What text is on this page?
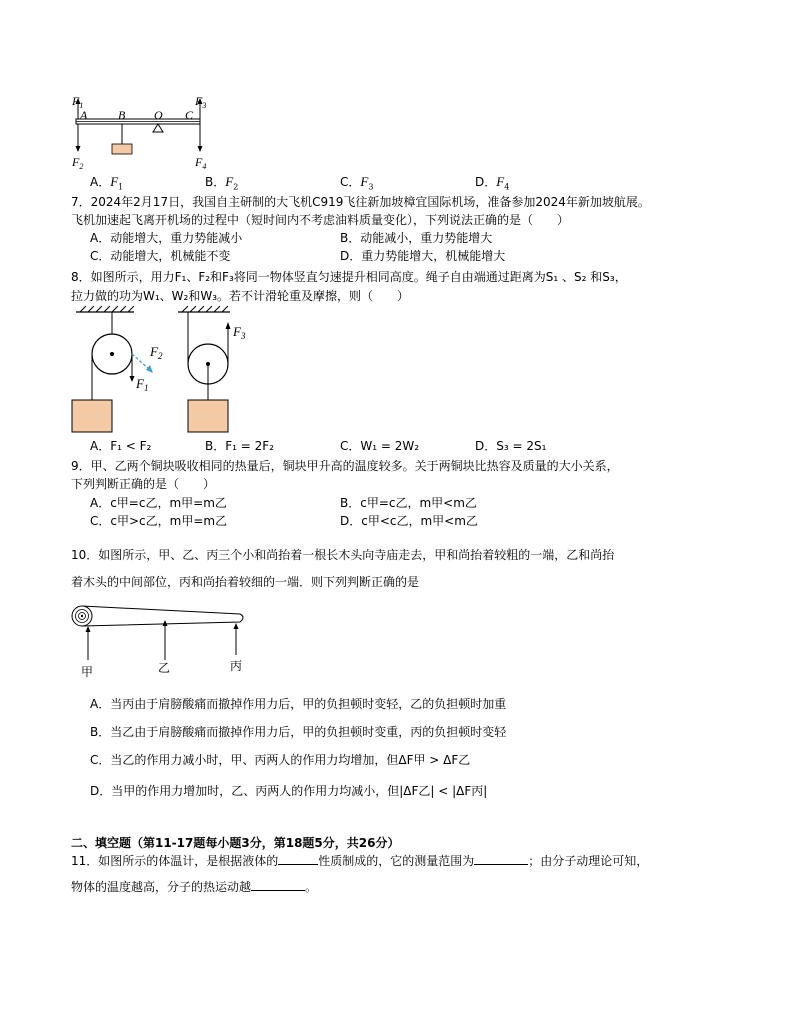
$F_1$
A	B O C
$F_3$
$F_2$	$F_4$
A．$F_1$	B．$F_2$	C．$F_3$	D．$F_4$
7．2024年2月17日，我国自主研制的大飞机C919飞往新加坡樟宜国际机场，准备参加2024年新加坡航展。
飞机加速起飞离开机场的过程中（短时间内不考虑油料质量变化），下列说法正确的是（　　）
A．动能增大，重力势能减小	B．动能减小，重力势能增大
C．动能增大，机械能不变	D．重力势能增大，机械能增大
8．如图所示，用力F₁、F₂和F₃将同一物体竖直匀速提升相同高度。绳子自由端通过距离为S₁ 、S₂ 和S₃，
拉力做的功为W₁、W₂和W₃。若不计滑轮重及摩擦，则（　　）
$F_1$
$F_2$
$F_3$
A．F₁ < F₂	B．F₁ = 2F₂	C．W₁ = 2W₂	D．S₃ = 2S₁
9．甲、乙两个铜块吸收相同的热量后，铜块甲升高的温度较多。关于两铜块比热容及质量的大小关系，
下列判断正确的是（　　）
A．c甲=c乙，m甲=m乙	B．c甲=c乙，m甲<m乙
C．c甲>c乙，m甲=m乙	D．c甲<c乙，m甲<m乙
10．如图所示，甲、乙、丙三个小和尚抬着一根长木头向寺庙走去，甲和尚抬着较粗的一端，乙和尚抬
着木头的中间部位，丙和尚抬着较细的一端．则下列判断正确的是
甲	乙	丙
A．当丙由于肩膀酸痛而撤掉作用力后，甲的负担顿时变轻，乙的负担顿时加重
B．当乙由于肩膀酸痛而撤掉作用力后，甲的负担顿时变重，丙的负担顿时变轻
C．当乙的作用力减小时，甲、丙两人的作用力均增加，但ΔF甲 > ΔF乙
D．当甲的作用力增加时，乙、丙两人的作用力均减小，但|ΔF乙| < |ΔF丙|
二、填空题（第11-17题每小题3分，第18题5分，共26分）
11．如图所示的体温计，是根据液体的	性质制成的，它的测量范围为	；由分子动理论可知，
物体的温度越高，分子的热运动越	。
